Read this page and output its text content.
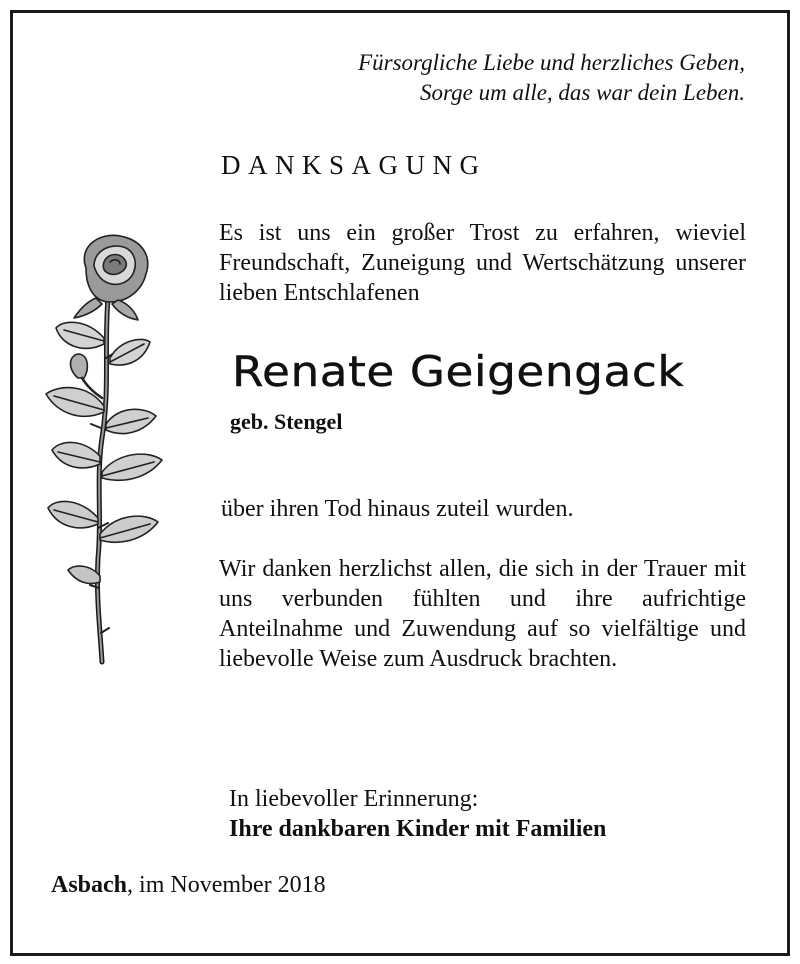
Fürsorgliche Liebe und herzliches Geben,
Sorge um alle, das war dein Leben.
DANKSAGUNG
Es ist uns ein großer Trost zu erfahren, wieviel Freundschaft, Zuneigung und Wertschätzung unserer lieben Entschlafenen
Renate Geigengack
geb. Stengel
über ihren Tod hinaus zuteil wurden.
Wir danken herzlichst allen, die sich in der Trauer mit uns verbunden fühlten und ihre aufrichtige Anteilnahme und Zuwendung auf so vielfältige und liebevolle Weise zum Ausdruck brachten.
In liebevoller Erinnerung:
Ihre dankbaren Kinder mit Familien
Asbach, im November 2018
